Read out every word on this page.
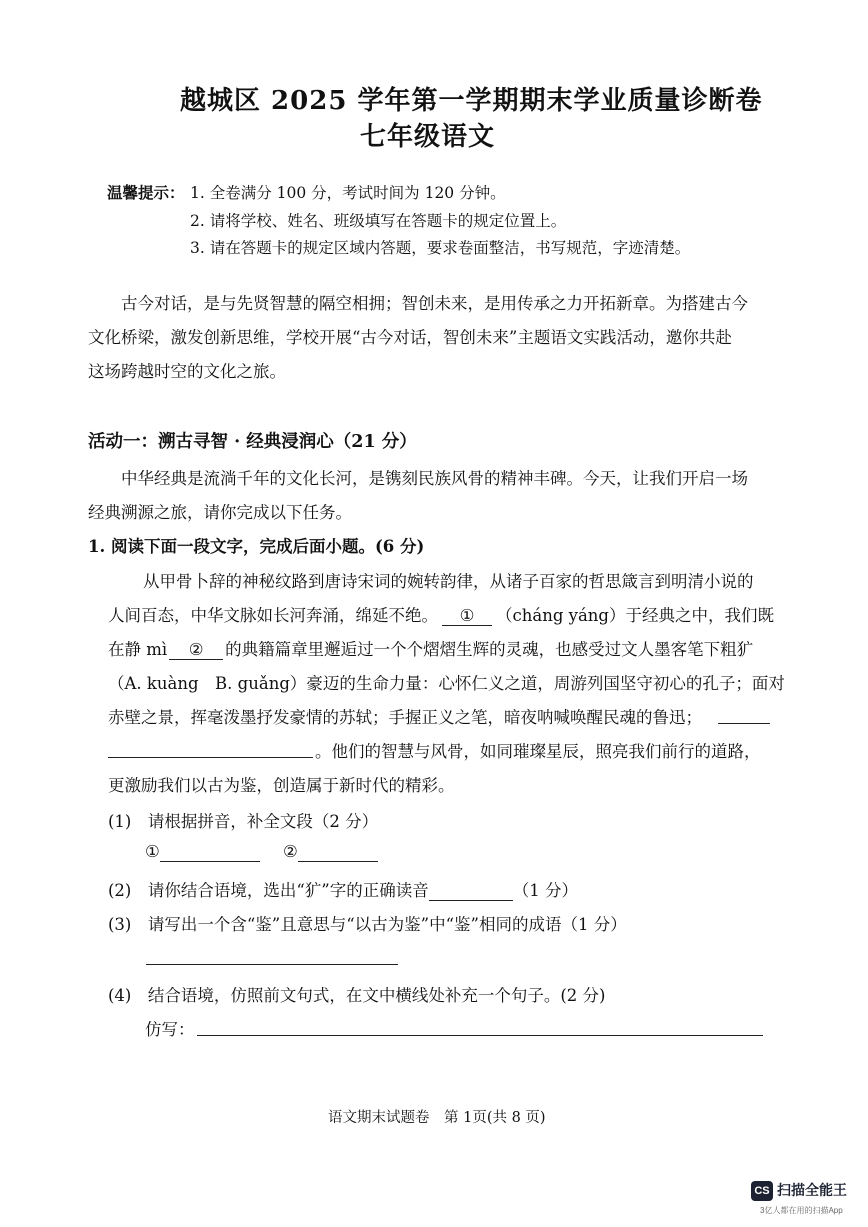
越城区 2025 学年第一学期期末学业质量诊断卷
七年级语文
温馨提示： 1. 全卷满分 100 分，考试时间为 120 分钟。
2. 请将学校、姓名、班级填写在答题卡的规定位置上。
3. 请在答题卡的规定区域内答题，要求卷面整洁，书写规范，字迹清楚。
古今对话，是与先贤智慧的隔空相拥；智创未来，是用传承之力开拓新章。为搭建古今
文化桥梁，激发创新思维，学校开展“古今对话，智创未来”主题语文实践活动，邀你共赴
这场跨越时空的文化之旅。
活动一：溯古寻智 · 经典浸润心（21 分）
中华经典是流淌千年的文化长河，是镌刻民族风骨的精神丰碑。今天，让我们开启一场
经典溯源之旅，请你完成以下任务。
1. 阅读下面一段文字，完成后面小题。(6 分)
从甲骨卜辞的神秘纹路到唐诗宋词的婉转韵律，从诸子百家的哲思箴言到明清小说的
人间百态，中华文脉如长河奔涌，绵延不绝。 ① （cháng yáng）于经典之中，我们既
在静 mì ② 的典籍篇章里邂逅过一个个熠熠生辉的灵魂，也感受过文人墨客笔下粗犷
（A. kuàng　B. guǎng）豪迈的生命力量：心怀仁义之道，周游列国坚守初心的孔子；面对
赤壁之景，挥毫泼墨抒发豪情的苏轼；手握正义之笔，暗夜呐喊唤醒民魂的鲁迅；
。他们的智慧与风骨，如同璀璨星辰，照亮我们前行的道路，
更激励我们以古为鉴，创造属于新时代的精彩。
(1)　请根据拼音，补全文段（2 分）
①	②
(2)　请你结合语境，选出“犷”字的正确读音	（1 分）
(3)　请写出一个含“鉴”且意思与“以古为鉴”中“鉴”相同的成语（1 分）
(4)　结合语境，仿照前文句式，在文中横线处补充一个句子。(2 分)
仿写：
语文期末试题卷　第 1页(共 8 页)
CS 扫描全能王
3亿人都在用的扫描App
